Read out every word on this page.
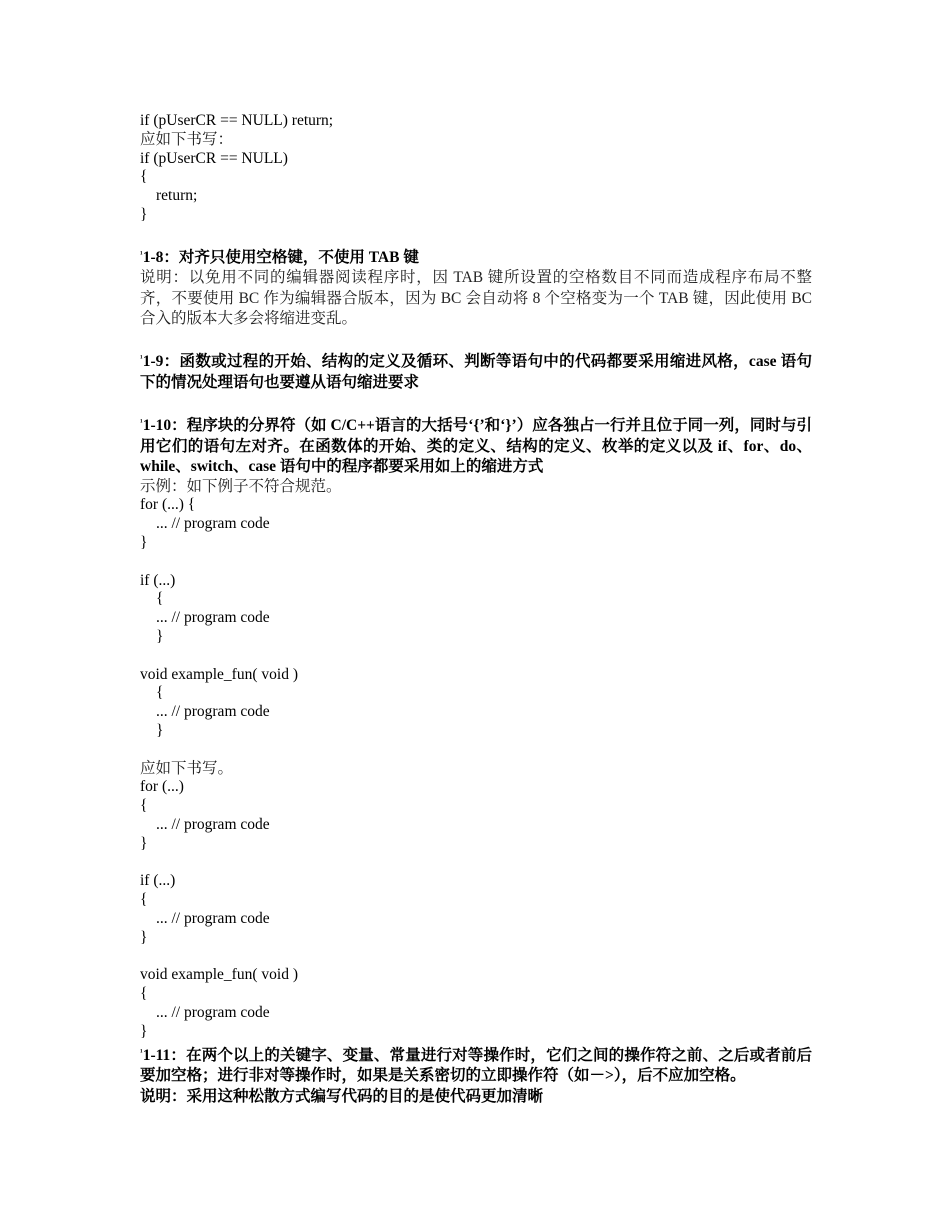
if (pUserCR == NULL) return;
应如下书写：
if (pUserCR == NULL)
{
return;
}
$^{^1}$1-8：对齐只使用空格键，不使用 TAB 键
说明：以免用不同的编辑器阅读程序时，因 TAB 键所设置的空格数目不同而造成程序布局不整齐，不要使用 BC 作为编辑器合版本，因为 BC 会自动将 8 个空格变为一个 TAB 键，因此使用 BC 合入的版本大多会将缩进变乱。
$^{^1}$1-9：函数或过程的开始、结构的定义及循环、判断等语句中的代码都要采用缩进风格，case 语句下的情况处理语句也要遵从语句缩进要求
$^{^1}$1-10：程序块的分界符（如 C/C++语言的大括号‘{’和‘}’）应各独占一行并且位于同一列，同时与引用它们的语句左对齐。在函数体的开始、类的定义、结构的定义、枚举的定义以及 if、for、do、while、switch、case 语句中的程序都要采用如上的缩进方式
示例：如下例子不符合规范。
for (...) {
... // program code
}
if (...)
{
... // program code
}
void example_fun( void )
{
... // program code
}
应如下书写。
for (...)
{
... // program code
}
if (...)
{
... // program code
}
void example_fun( void )
{
... // program code
}
$^{^1}$1-11：在两个以上的关键字、变量、常量进行对等操作时，它们之间的操作符之前、之后或者前后要加空格；进行非对等操作时，如果是关系密切的立即操作符（如－>），后不应加空格。
说明：采用这种松散方式编写代码的目的是使代码更加清晰
